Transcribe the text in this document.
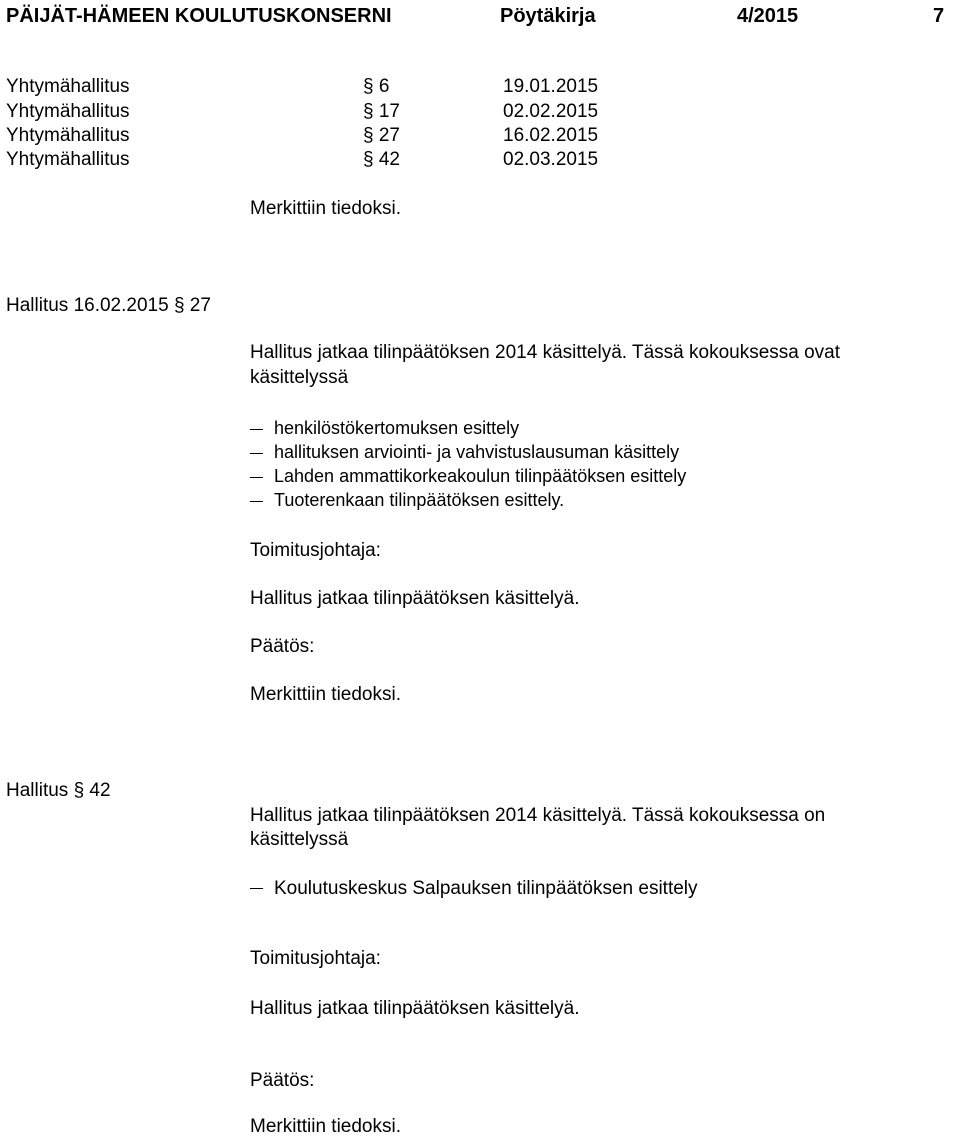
PÄIJÄT-HÄMEEN KOULUTUSKONSERNI	Pöytäkirja	4/2015	7
Yhtymähallitus	§ 6	19.01.2015
Yhtymähallitus	§ 17	02.02.2015
Yhtymähallitus	§ 27	16.02.2015
Yhtymähallitus	§ 42	02.03.2015
Merkittiin tiedoksi.
Hallitus 16.02.2015 § 27
Hallitus jatkaa tilinpäätöksen 2014 käsittelyä. Tässä kokouksessa ovat
käsittelyssä
henkilöstökertomuksen esittely
hallituksen arviointi- ja vahvistuslausuman käsittely
Lahden ammattikorkeakoulun tilinpäätöksen esittely
Tuoterenkaan tilinpäätöksen esittely.
Toimitusjohtaja:
Hallitus jatkaa tilinpäätöksen käsittelyä.
Päätös:
Merkittiin tiedoksi.
Hallitus § 42
Hallitus jatkaa tilinpäätöksen 2014 käsittelyä. Tässä kokouksessa on
käsittelyssä
Koulutuskeskus Salpauksen tilinpäätöksen esittely
Toimitusjohtaja:
Hallitus jatkaa tilinpäätöksen käsittelyä.
Päätös:
Merkittiin tiedoksi.
